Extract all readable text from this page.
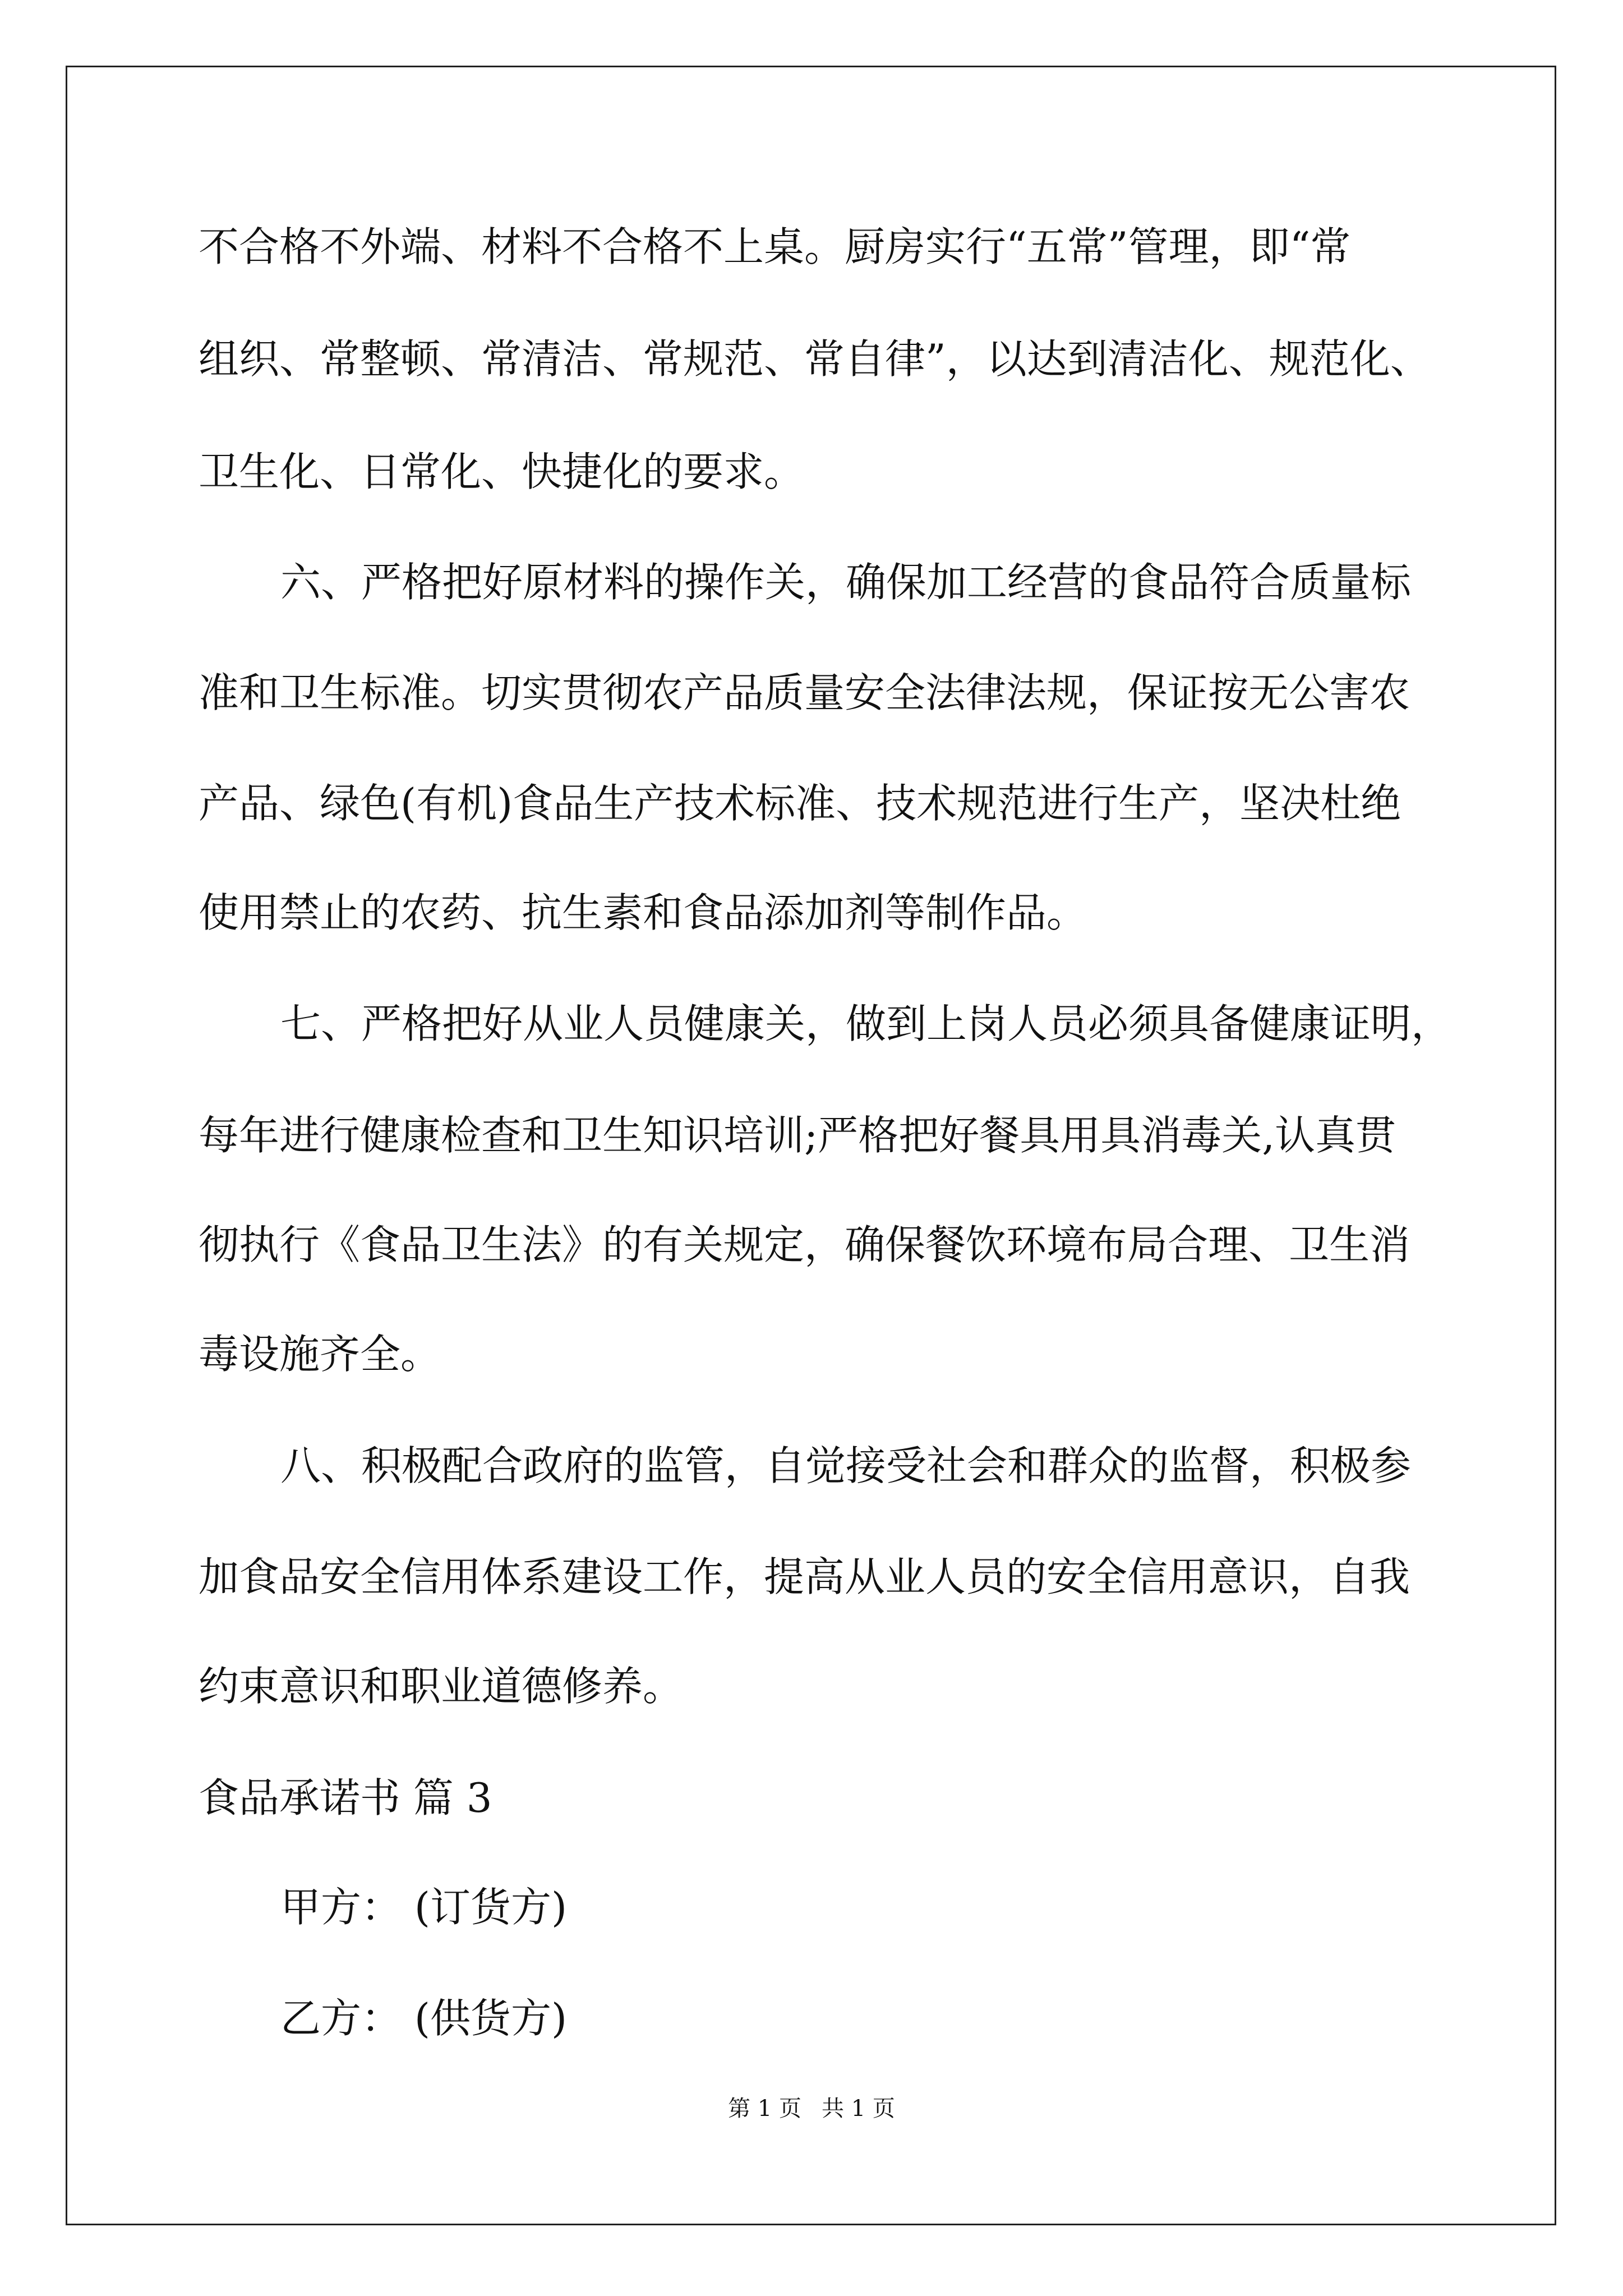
不合格不外端、材料不合格不上桌。厨房实行“五常”管理，即“常
组织、常整顿、常清洁、常规范、常自律”，以达到清洁化、规范化、
卫生化、日常化、快捷化的要求。
六、严格把好原材料的操作关，确保加工经营的食品符合质量标
准和卫生标准。切实贯彻农产品质量安全法律法规，保证按无公害农
产品、绿色(有机)食品生产技术标准、技术规范进行生产，坚决杜绝
使用禁止的农药、抗生素和食品添加剂等制作品。
七、严格把好从业人员健康关，做到上岗人员必须具备健康证明，
每年进行健康检查和卫生知识培训;严格把好餐具用具消毒关,认真贯
彻执行《食品卫生法》的有关规定，确保餐饮环境布局合理、卫生消
毒设施齐全。
八、积极配合政府的监管，自觉接受社会和群众的监督，积极参
加食品安全信用体系建设工作，提高从业人员的安全信用意识，自我
约束意识和职业道德修养。
食品承诺书 篇 3
甲方： (订货方)
乙方： (供货方)
第 1 页 共 1 页
